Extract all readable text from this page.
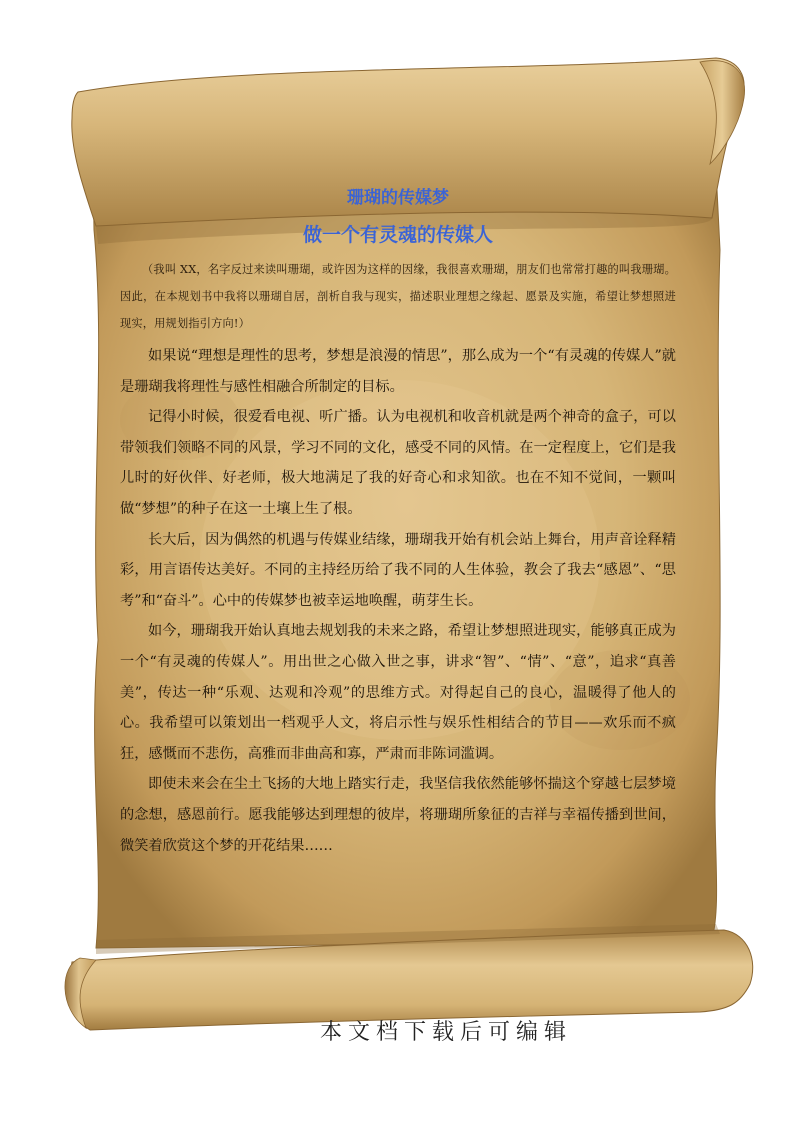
珊瑚的传媒梦
做一个有灵魂的传媒人

（我叫 XX，名字反过来读叫珊瑚，或许因为这样的因缘，我很喜欢珊瑚，朋友们也常常打趣的叫我珊瑚。因此，在本规划书中我将以珊瑚自居，剖析自我与现实，描述职业理想之缘起、愿景及实施，希望让梦想照进现实，用规划指引方向!）

如果说“理想是理性的思考，梦想是浪漫的情思”，那么成为一个“有灵魂的传媒人”就是珊瑚我将理性与感性相融合所制定的目标。

记得小时候，很爱看电视、听广播。认为电视机和收音机就是两个神奇的盒子，可以带领我们领略不同的风景，学习不同的文化，感受不同的风情。在一定程度上，它们是我儿时的好伙伴、好老师，极大地满足了我的好奇心和求知欲。也在不知不觉间，一颗叫做“梦想”的种子在这一土壤上生了根。

长大后，因为偶然的机遇与传媒业结缘，珊瑚我开始有机会站上舞台，用声音诠释精彩，用言语传达美好。不同的主持经历给了我不同的人生体验，教会了我去“感恩”、“思考”和“奋斗”。心中的传媒梦也被幸运地唤醒，萌芽生长。

如今，珊瑚我开始认真地去规划我的未来之路，希望让梦想照进现实，能够真正成为一个“有灵魂的传媒人”。用出世之心做入世之事，讲求“智”、“情”、“意”，追求“真善美”，传达一种“乐观、达观和冷观”的思维方式。对得起自己的良心，温暖得了他人的心。我希望可以策划出一档观乎人文，将启示性与娱乐性相结合的节目——欢乐而不疯狂，感慨而不悲伤，高雅而非曲高和寡，严肃而非陈词滥调。

即使未来会在尘土飞扬的大地上踏实行走，我坚信我依然能够怀揣这个穿越七层梦境的念想，感恩前行。愿我能够达到理想的彼岸，将珊瑚所象征的吉祥与幸福传播到世间，微笑着欣赏这个梦的开花结果……

本文档下载后可编辑
